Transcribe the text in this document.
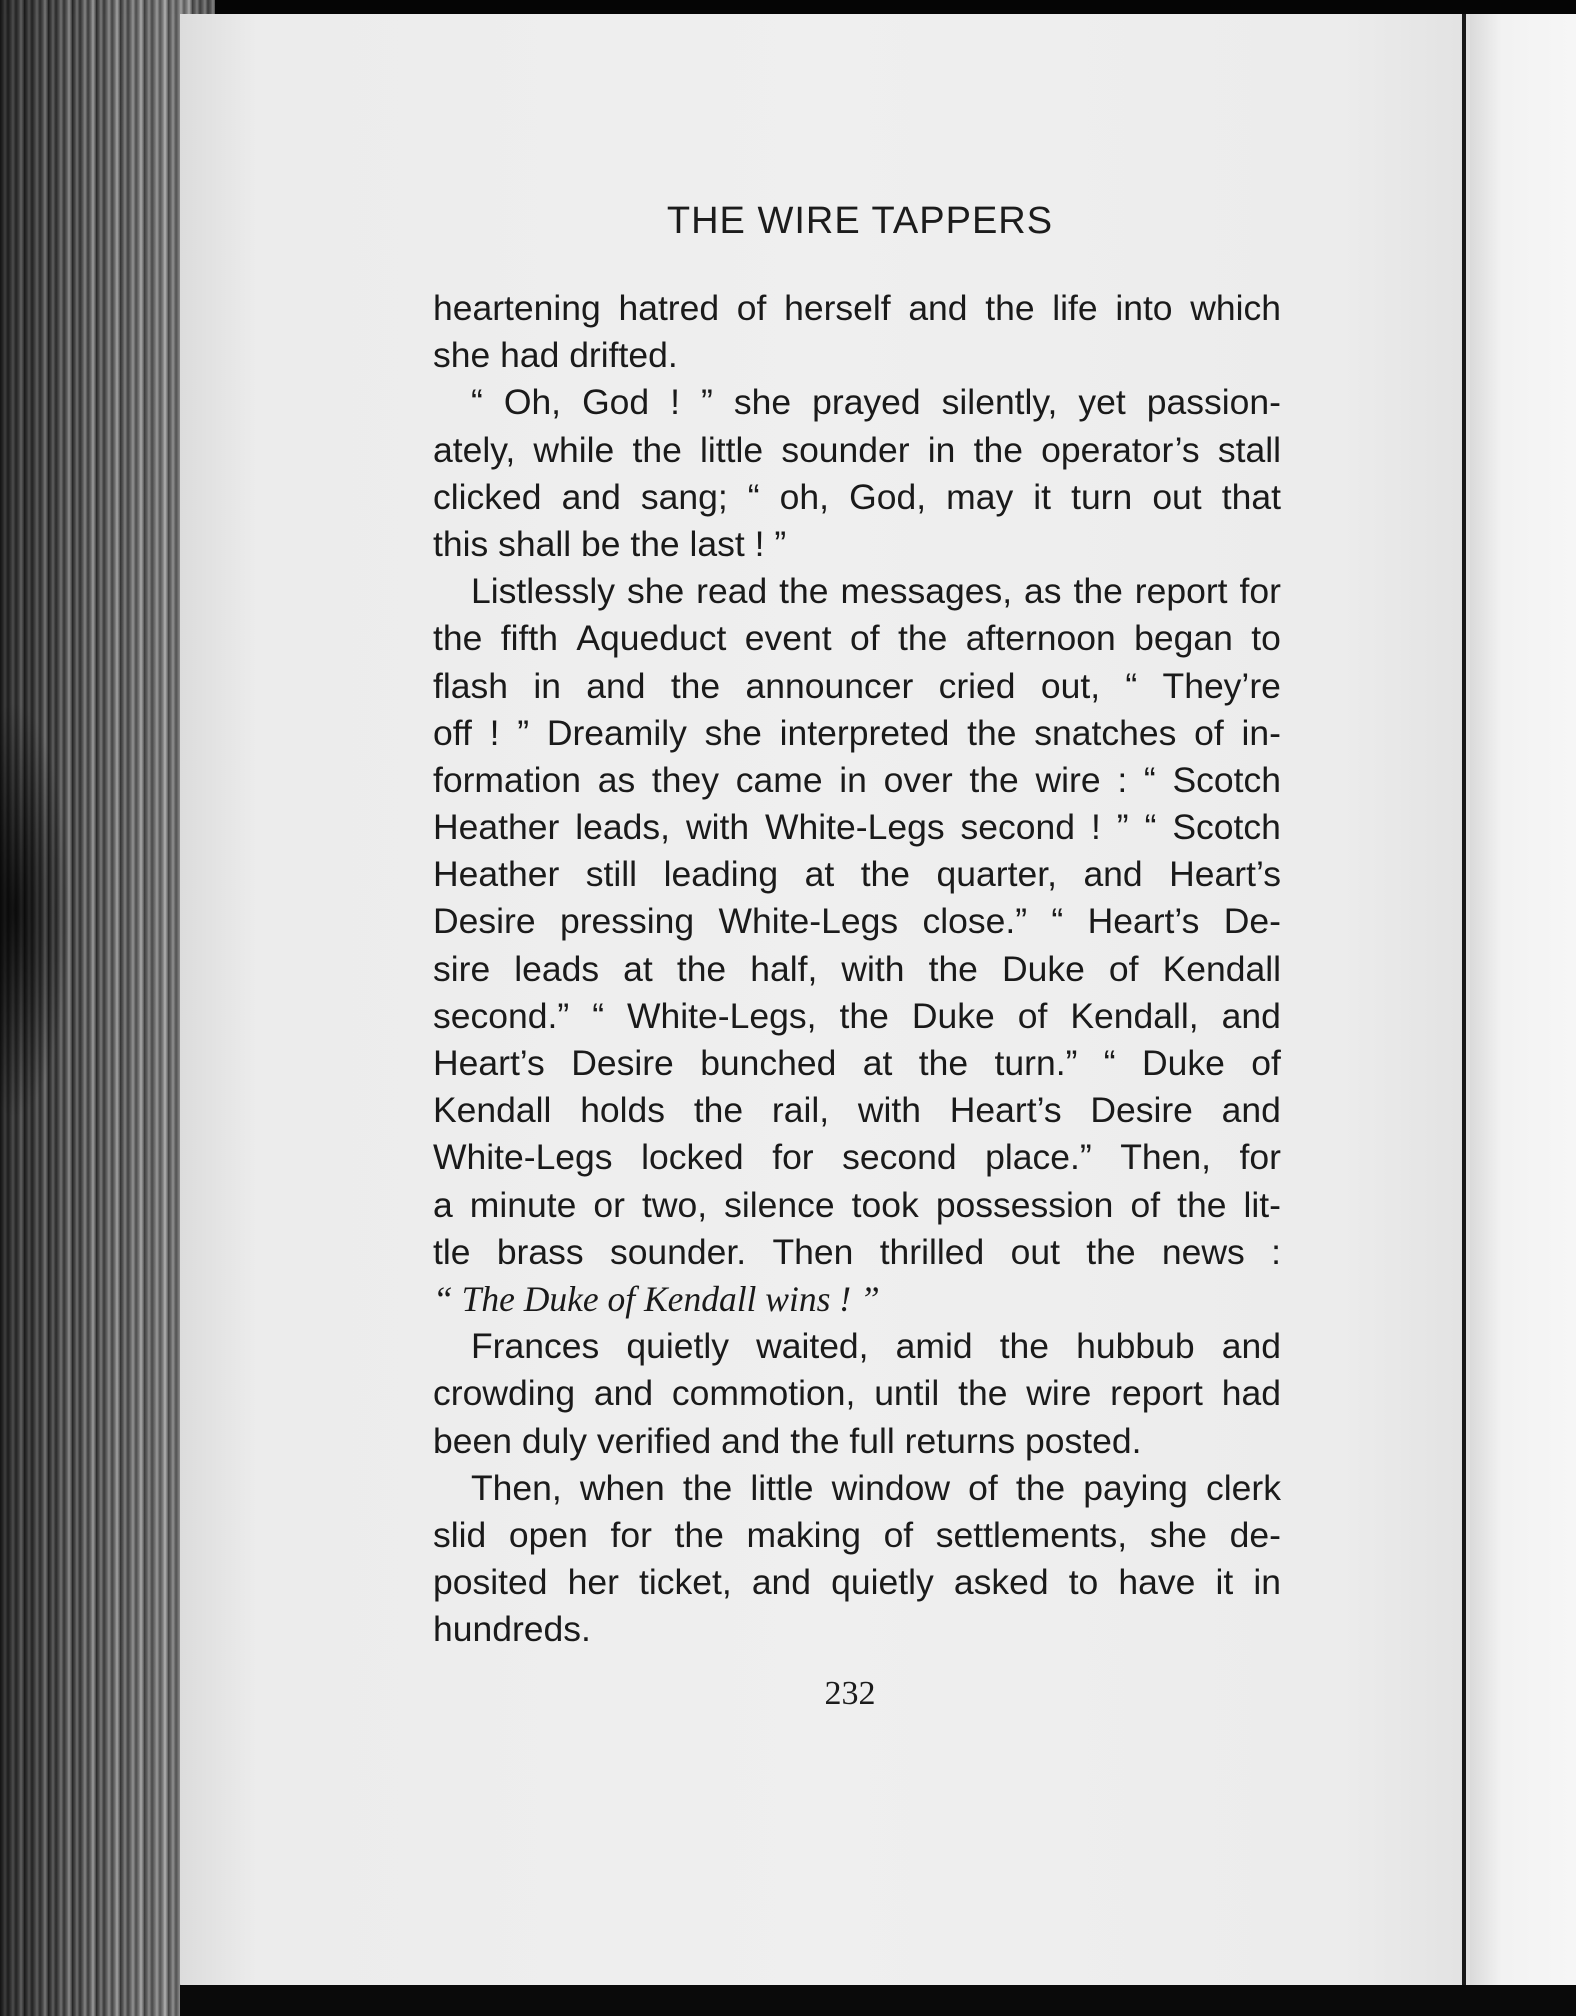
THE WIRE TAPPERS
heartening hatred of herself and the life into which
she had drifted.
“ Oh, God ! ” she prayed silently, yet passion-
ately, while the little sounder in the operator’s stall
clicked and sang; “ oh, God, may it turn out that
this shall be the last ! ”
Listlessly she read the messages, as the report for
the fifth Aqueduct event of the afternoon began to
flash in and the announcer cried out, “ They’re
off ! ” Dreamily she interpreted the snatches of in-
formation as they came in over the wire : “ Scotch
Heather leads, with White-Legs second ! ” “ Scotch
Heather still leading at the quarter, and Heart’s
Desire pressing White-Legs close.” “ Heart’s De-
sire leads at the half, with the Duke of Kendall
second.” “ White-Legs, the Duke of Kendall, and
Heart’s Desire bunched at the turn.” “ Duke of
Kendall holds the rail, with Heart’s Desire and
White-Legs locked for second place.” Then, for
a minute or two, silence took possession of the lit-
tle brass sounder. Then thrilled out the news :
“ The Duke of Kendall wins ! ”
Frances quietly waited, amid the hubbub and
crowding and commotion, until the wire report had
been duly verified and the full returns posted.
Then, when the little window of the paying clerk
slid open for the making of settlements, she de-
posited her ticket, and quietly asked to have it in
hundreds.
232
